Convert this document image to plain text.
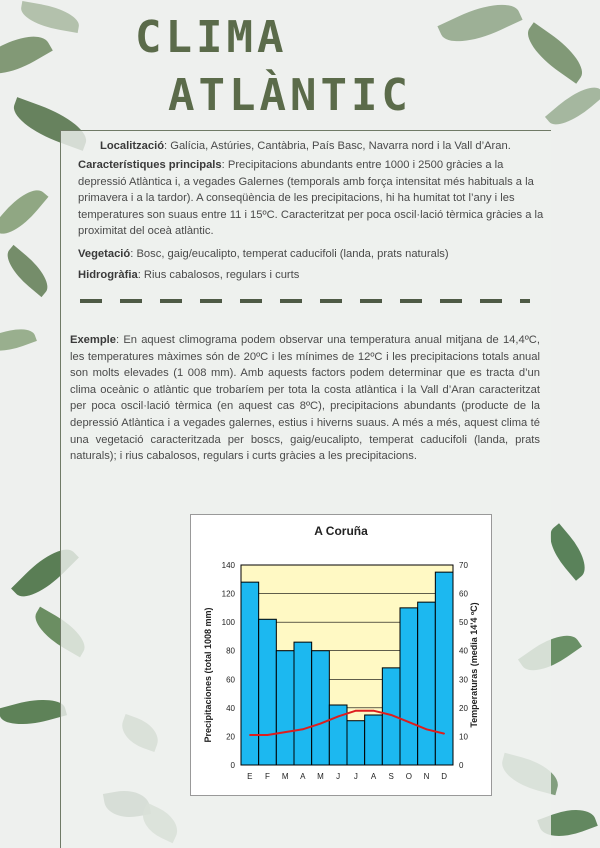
CLIMA
ATLÀNTIC

Localització: Galícia, Astúries, Cantàbria, País Basc, Navarra nord i la Vall d’Aran.

Característiques principals: Precipitacions abundants entre 1000 i 2500 gràcies a la depressió Atlàntica i, a vegades Galernes (temporals amb força intensitat més habituals a la primavera i a la tardor). A conseqüència de les precipitacions, hi ha humitat tot l’any i les temperatures son suaus entre 11 i 15ºC. Caracteritzat per poca oscil·lació tèrmica gràcies a la proximitat del oceà atlàntic.

Vegetació: Bosc, gaig/eucalipto, temperat caducifoli (landa, prats naturals)

Hidrogràfia: Rius cabalosos, regulars i curts

Exemple: En aquest climograma podem observar una temperatura anual mitjana de 14,4ºC, les temperatures màximes són de 20ºC i les mínimes de 12ºC i les precipitacions totals anual son molts elevades (1 008 mm). Amb aquests factors podem determinar que es tracta d’un clima oceànic o atlàntic que trobaríem per tota la costa atlàntica i la Vall d’Aran caracteritzat per poca oscil·lació tèrmica (en aquest cas 8ºC), precipitacions abundants (producte de la depressió Atlàntica i a vegades galernes, estius i hiverns suaus. A més a més, aquest clima té una vegetació caracteritzada per boscs, gaig/eucalipto, temperat caducifoli (landa, prats naturals); i rius cabalosos, regulars i curts gràcies a les precipitacions.

A Coruña
Precipitaciones (total 1008 mm)	Temperaturas (media 14'4 ºC)
0
20
40
60
80
100
120
140
0
10
20
30
40
50
60
70
E F M A M J J A S O N D
